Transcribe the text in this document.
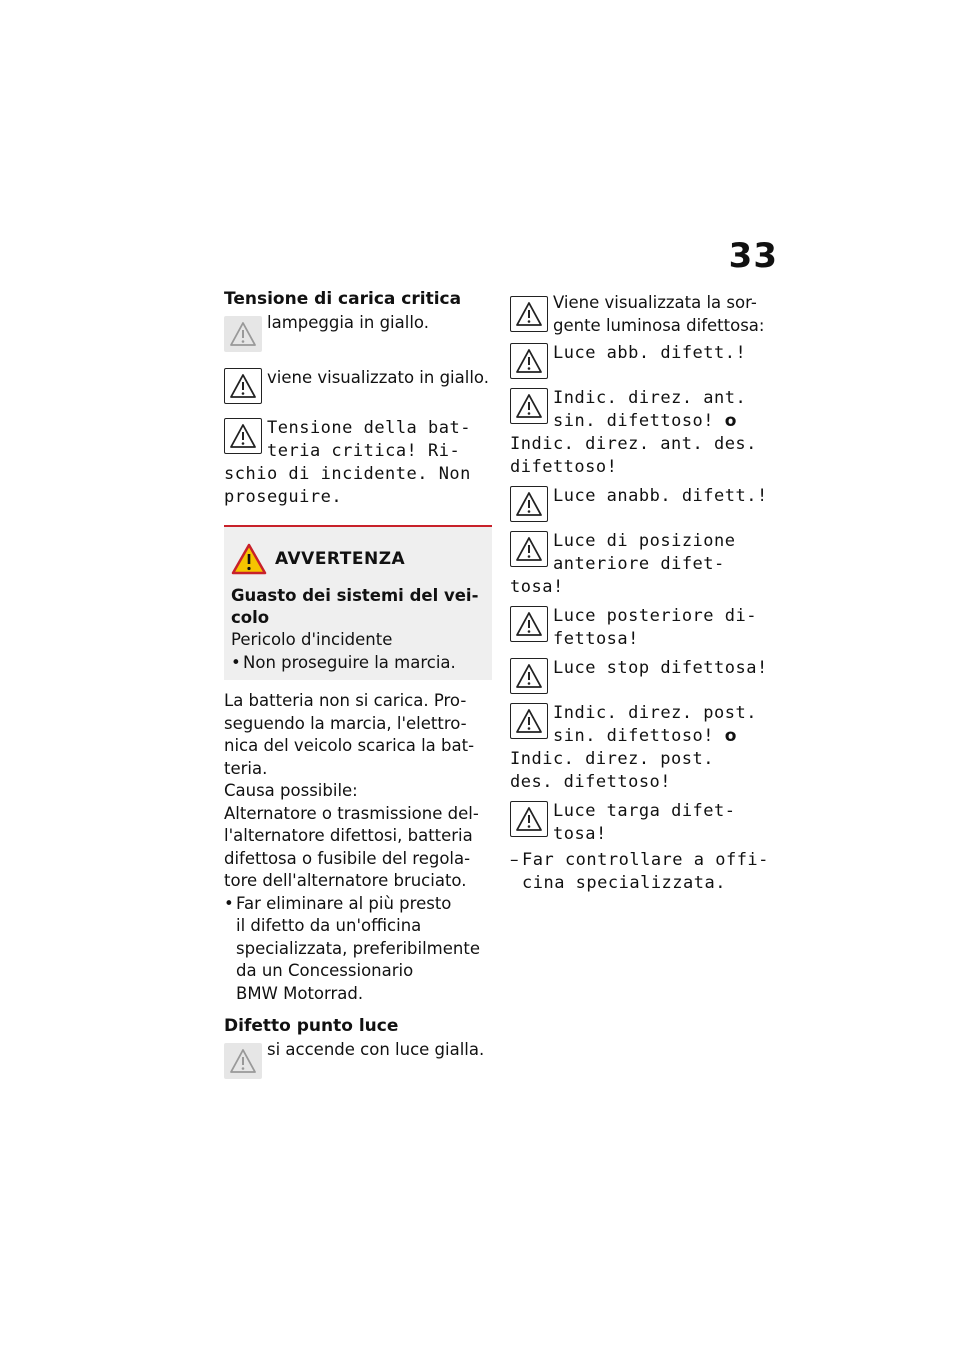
33
Tensione di carica critica
lampeggia in giallo.
viene visualizzato in giallo.
Tensione della bat-
teria critica! Ri-
schio di incidente. Non
proseguire.
AVVERTENZA
Guasto dei sistemi del vei-
colo
Pericolo d'incidente
• Non proseguire la marcia.
La batteria non si carica. Pro-
seguendo la marcia, l'elettro-
nica del veicolo scarica la bat-
teria.
Causa possibile:
Alternatore o trasmissione del-
l'alternatore difettosi, batteria
difettosa o fusibile del regola-
tore dell'alternatore bruciato.
• Far eliminare al più presto
il difetto da un'officina
specializzata, preferibilmente
da un Concessionario
BMW Motorrad.
Difetto punto luce
si accende con luce gialla.
Viene visualizzata la sor-
gente luminosa difettosa:
Luce abb. difett.!
Indic. direz. ant.
sin. difettoso! o
Indic. direz. ant. des.
difettoso!
Luce anabb. difett.!
Luce di posizione
anteriore difet-
tosa!
Luce posteriore di-
fettosa!
Luce stop difettosa!
Indic. direz. post.
sin. difettoso! o
Indic. direz. post.
des. difettoso!
Luce targa difet-
tosa!
– Far controllare a offi-
cina specializzata.
